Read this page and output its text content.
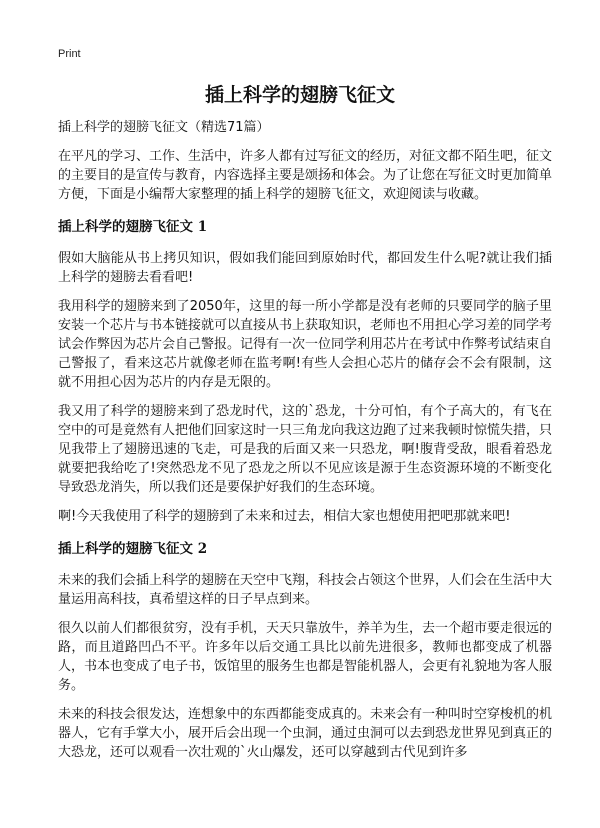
Print
插上科学的翅膀飞征文
插上科学的翅膀飞征文（精选71篇）

在平凡的学习、工作、生活中，许多人都有过写征文的经历，对征文都不陌生吧，征文的主要目的是宣传与教育，内容选择主要是颂扬和体会。为了让您在写征文时更加简单方便，下面是小编帮大家整理的插上科学的翅膀飞征文，欢迎阅读与收藏。

插上科学的翅膀飞征文 1

假如大脑能从书上拷贝知识，假如我们能回到原始时代，都回发生什么呢?就让我们插上科学的翅膀去看看吧!

我用科学的翅膀来到了2050年，这里的每一所小学都是没有老师的只要同学的脑子里安装一个芯片与书本链接就可以直接从书上获取知识，老师也不用担心学习差的同学考试会作弊因为芯片会自己警报。记得有一次一位同学利用芯片在考试中作弊考试结束自己警报了，看来这芯片就像老师在监考啊!有些人会担心芯片的储存会不会有限制，这就不用担心因为芯片的内存是无限的。

我又用了科学的翅膀来到了恐龙时代，这的`恐龙，十分可怕，有个子高大的，有飞在空中的可是竟然有人把他们回家这时一只三角龙向我这边跑了过来我顿时惊慌失措，只见我带上了翅膀迅速的飞走，可是我的后面又来一只恐龙，啊!腹背受敌，眼看着恐龙就要把我给吃了!突然恐龙不见了恐龙之所以不见应该是源于生态资源环境的不断变化导致恐龙消失，所以我们还是要保护好我们的生态环境。

啊!今天我使用了科学的翅膀到了未来和过去，相信大家也想使用把吧那就来吧!

插上科学的翅膀飞征文 2

未来的我们会插上科学的翅膀在天空中飞翔，科技会占领这个世界，人们会在生活中大量运用高科技，真希望这样的日子早点到来。

很久以前人们都很贫穷，没有手机，天天只靠放牛，养羊为生，去一个超市要走很远的路，而且道路凹凸不平。许多年以后交通工具比以前先进很多，教师也都变成了机器人，书本也变成了电子书，饭馆里的服务生也都是智能机器人，会更有礼貌地为客人服务。

未来的科技会很发达，连想象中的东西都能变成真的。未来会有一种叫时空穿梭机的机器人，它有手掌大小，展开后会出现一个虫洞，通过虫洞可以去到恐龙世界见到真正的大恐龙，还可以观看一次壮观的`火山爆发，还可以穿越到古代见到许多
